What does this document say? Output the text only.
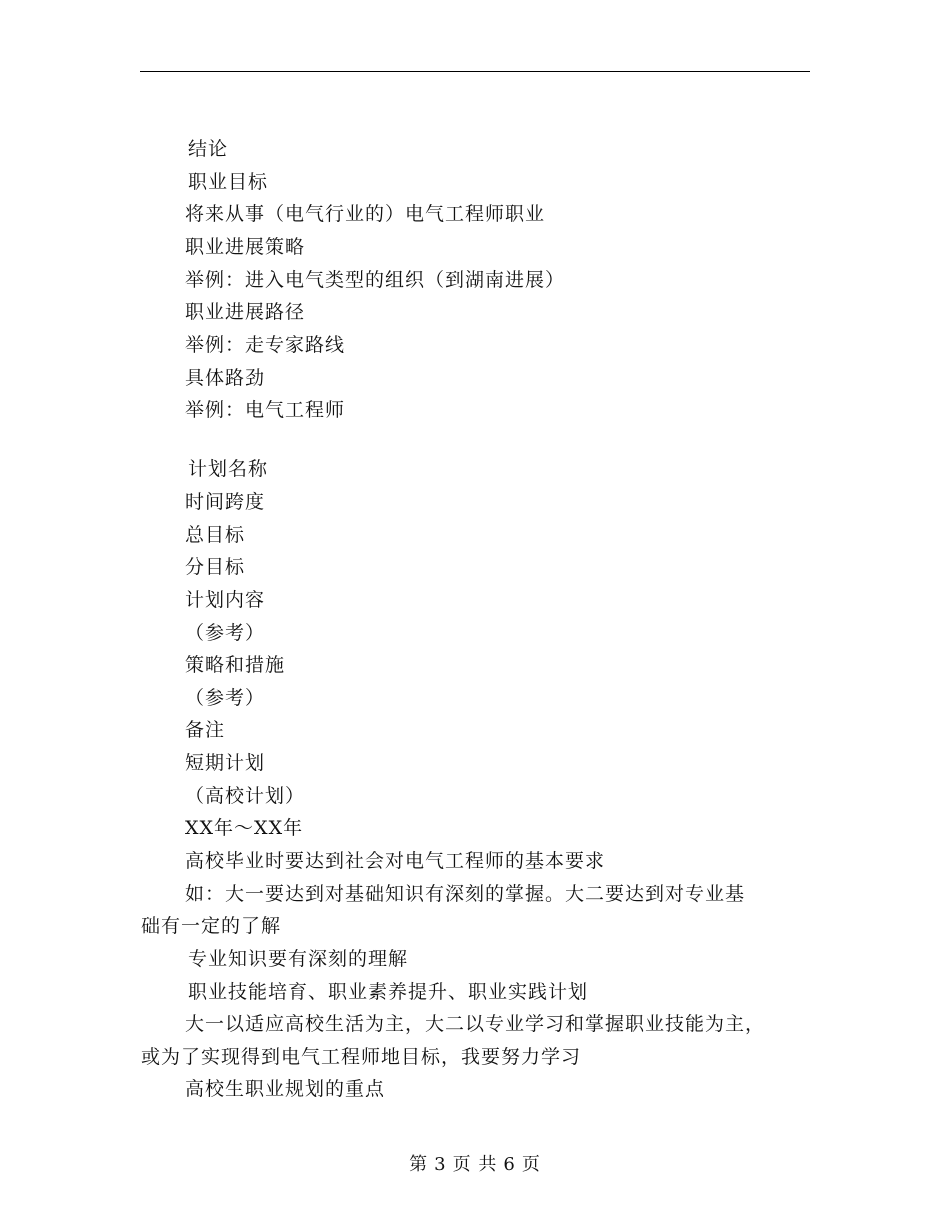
结论
职业目标
将来从事（电气行业的）电气工程师职业
职业进展策略
举例：进入电气类型的组织（到湖南进展）
职业进展路径
举例：走专家路线
具体路劲
举例：电气工程师
计划名称
时间跨度
总目标
分目标
计划内容
（参考）
策略和措施
（参考）
备注
短期计划
（高校计划）
XX年～XX年
高校毕业时要达到社会对电气工程师的基本要求
如：大一要达到对基础知识有深刻的掌握。大二要达到对专业基
础有一定的了解
专业知识要有深刻的理解
职业技能培育、职业素养提升、职业实践计划
大一以适应高校生活为主，大二以专业学习和掌握职业技能为主，
或为了实现得到电气工程师地目标，我要努力学习
高校生职业规划的重点
第 3 页 共 6 页
